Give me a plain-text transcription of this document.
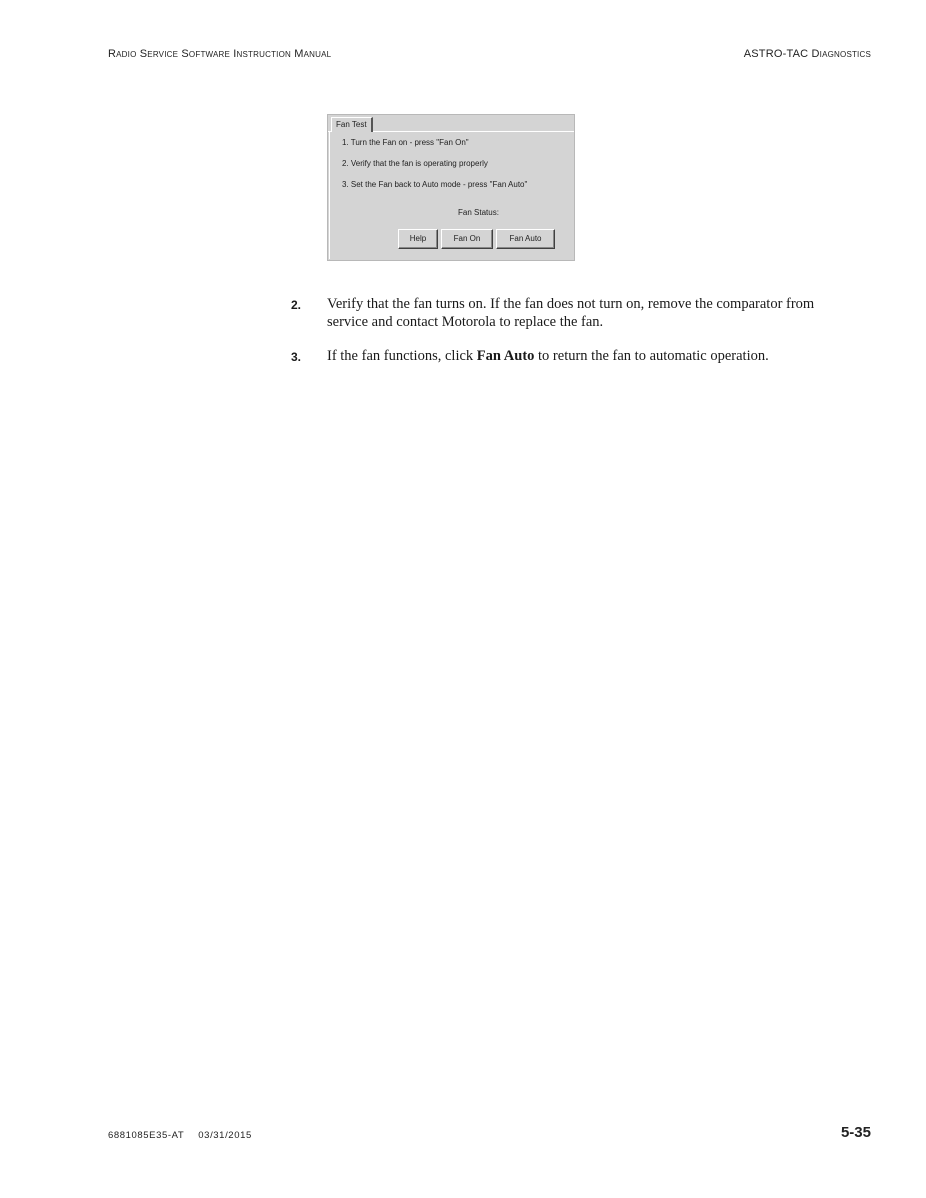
Radio Service Software Instruction Manual	ASTRO-TAC Diagnostics
Fan Test
1. Turn the Fan on - press "Fan On"
2. Verify that the fan is operating properly
3. Set the Fan back to Auto mode - press "Fan Auto"
Fan Status:
Help	Fan On	Fan Auto
2. Verify that the fan turns on. If the fan does not turn on, remove the comparator from service and contact Motorola to replace the fan.
3. If the fan functions, click Fan Auto to return the fan to automatic operation.
6881085E35-AT 03/31/2015	5-35
